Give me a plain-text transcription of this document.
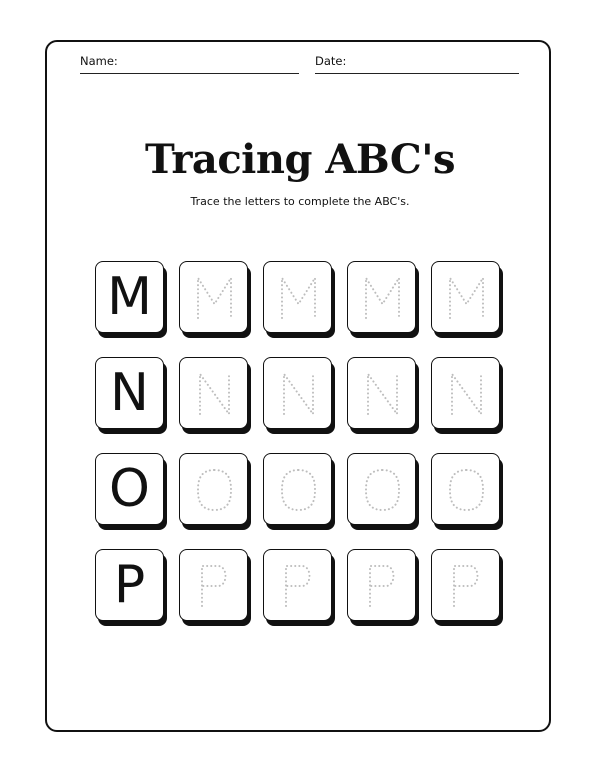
Name:	Date:
Tracing ABC's
Trace the letters to complete the ABC's.
M
N
O
P
